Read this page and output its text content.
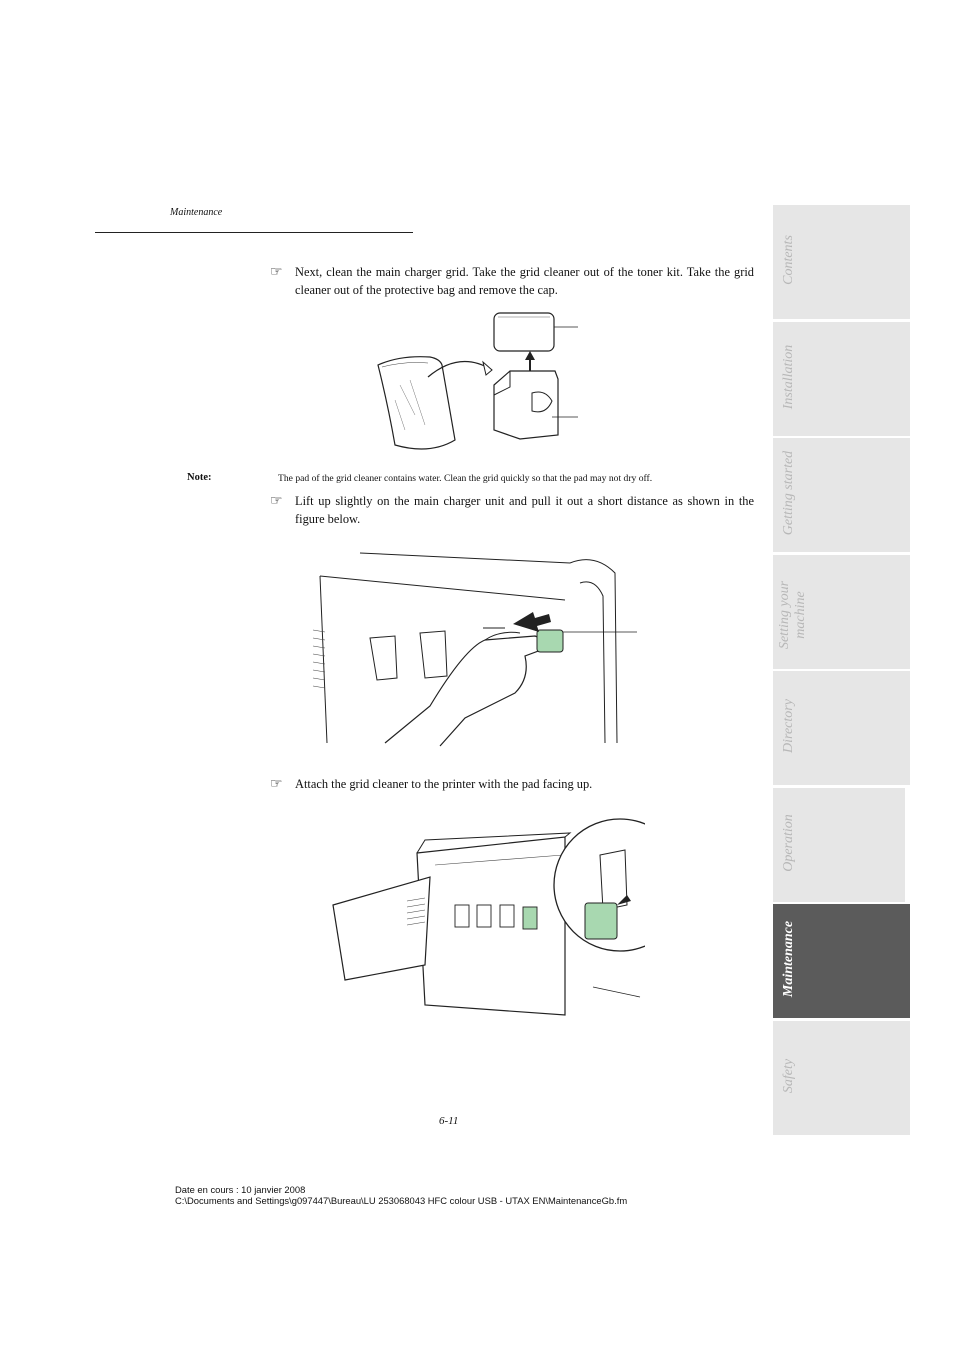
Maintenance
☞ Next, clean the main charger grid. Take the grid cleaner out of the toner kit. Take the grid cleaner out of the protective bag and remove the cap.
Note:	The pad of the grid cleaner contains water. Clean the grid quickly so that the pad may not dry off.
☞ Lift up slightly on the main charger unit and pull it out a short distance as shown in the figure below.
☞ Attach the grid cleaner to the printer with the pad facing up.
6-11
Date en cours : 10 janvier 2008
C:\Documents and Settings\g097447\Bureau\LU 253068043 HFC colour USB - UTAX EN\MaintenanceGb.fm
Contents
Installation
Getting started
Setting your machine
Directory
Operation
Maintenance
Safety
